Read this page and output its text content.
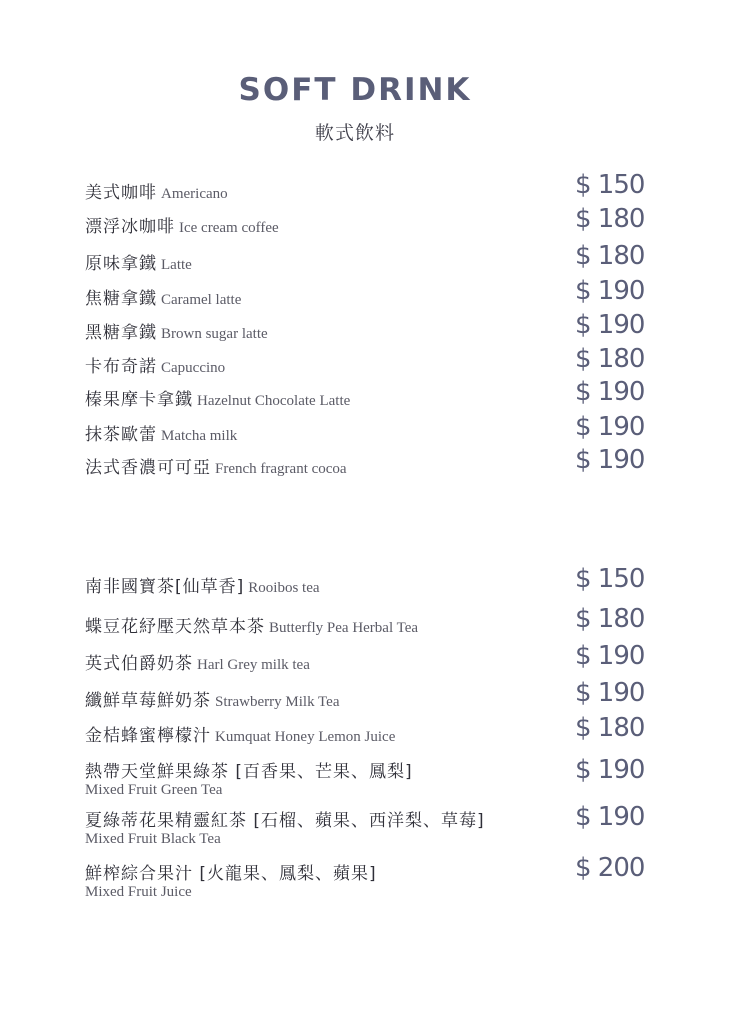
SOFT DRINK
軟式飲料
美式咖啡 Americano	$ 150
漂浮冰咖啡 Ice cream coffee	$ 180
原味拿鐵 Latte	$ 180
焦糖拿鐵 Caramel latte	$ 190
黑糖拿鐵 Brown sugar latte	$ 190
卡布奇諾 Capuccino	$ 180
榛果摩卡拿鐵 Hazelnut Chocolate Latte	$ 190
抹茶歐蕾 Matcha milk	$ 190
法式香濃可可亞 French fragrant cocoa	$ 190
南非國寶茶[仙草香] Rooibos tea	$ 150
蝶豆花紓壓天然草本茶 Butterfly Pea Herbal Tea	$ 180
英式伯爵奶茶 Harl Grey milk tea	$ 190
纖鮮草莓鮮奶茶 Strawberry Milk Tea	$ 190
金桔蜂蜜檸檬汁 Kumquat Honey Lemon Juice	$ 180
熱帶天堂鮮果綠茶 [百香果、芒果、鳳梨]
Mixed Fruit Green Tea
$ 190
夏綠蒂花果精靈紅茶 [石榴、蘋果、西洋梨、草莓]
Mixed Fruit Black Tea
$ 190
鮮榨綜合果汁 [火龍果、鳳梨、蘋果]
Mixed Fruit Juice
$ 200
